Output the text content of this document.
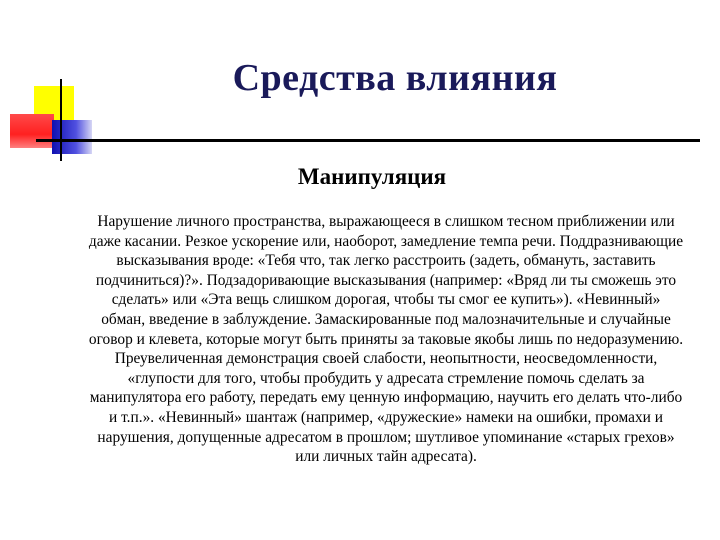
Средства влияния
Манипуляция

Нарушение личного пространства, выражающееся в слишком тесном приближении или даже касании. Резкое ускорение или, наоборот, замедление темпа речи. Поддразнивающие высказывания вроде: «Тебя что, так легко расстроить (задеть, обмануть, заставить подчиниться)?». Подзадоривающие высказывания (например: «Вряд ли ты сможешь это сделать» или «Эта вещь слишком дорогая, чтобы ты смог ее купить»). «Невинный» обман, введение в заблуждение. Замаскированные под малозначительные и случайные оговор и клевета, которые могут быть приняты за таковые якобы лишь по недоразумению. Преувеличенная демонстрация своей слабости, неопытности, неосведомленности, «глупости для того, чтобы пробудить у адресата стремление помочь сделать за манипулятора его работу, передать ему ценную информацию, научить его делать что-либо и т.п.». «Невинный» шантаж (например, «дружеские» намеки на ошибки, промахи и нарушения, допущенные адресатом в прошлом; шутливое упоминание «старых грехов» или личных тайн адресата).
